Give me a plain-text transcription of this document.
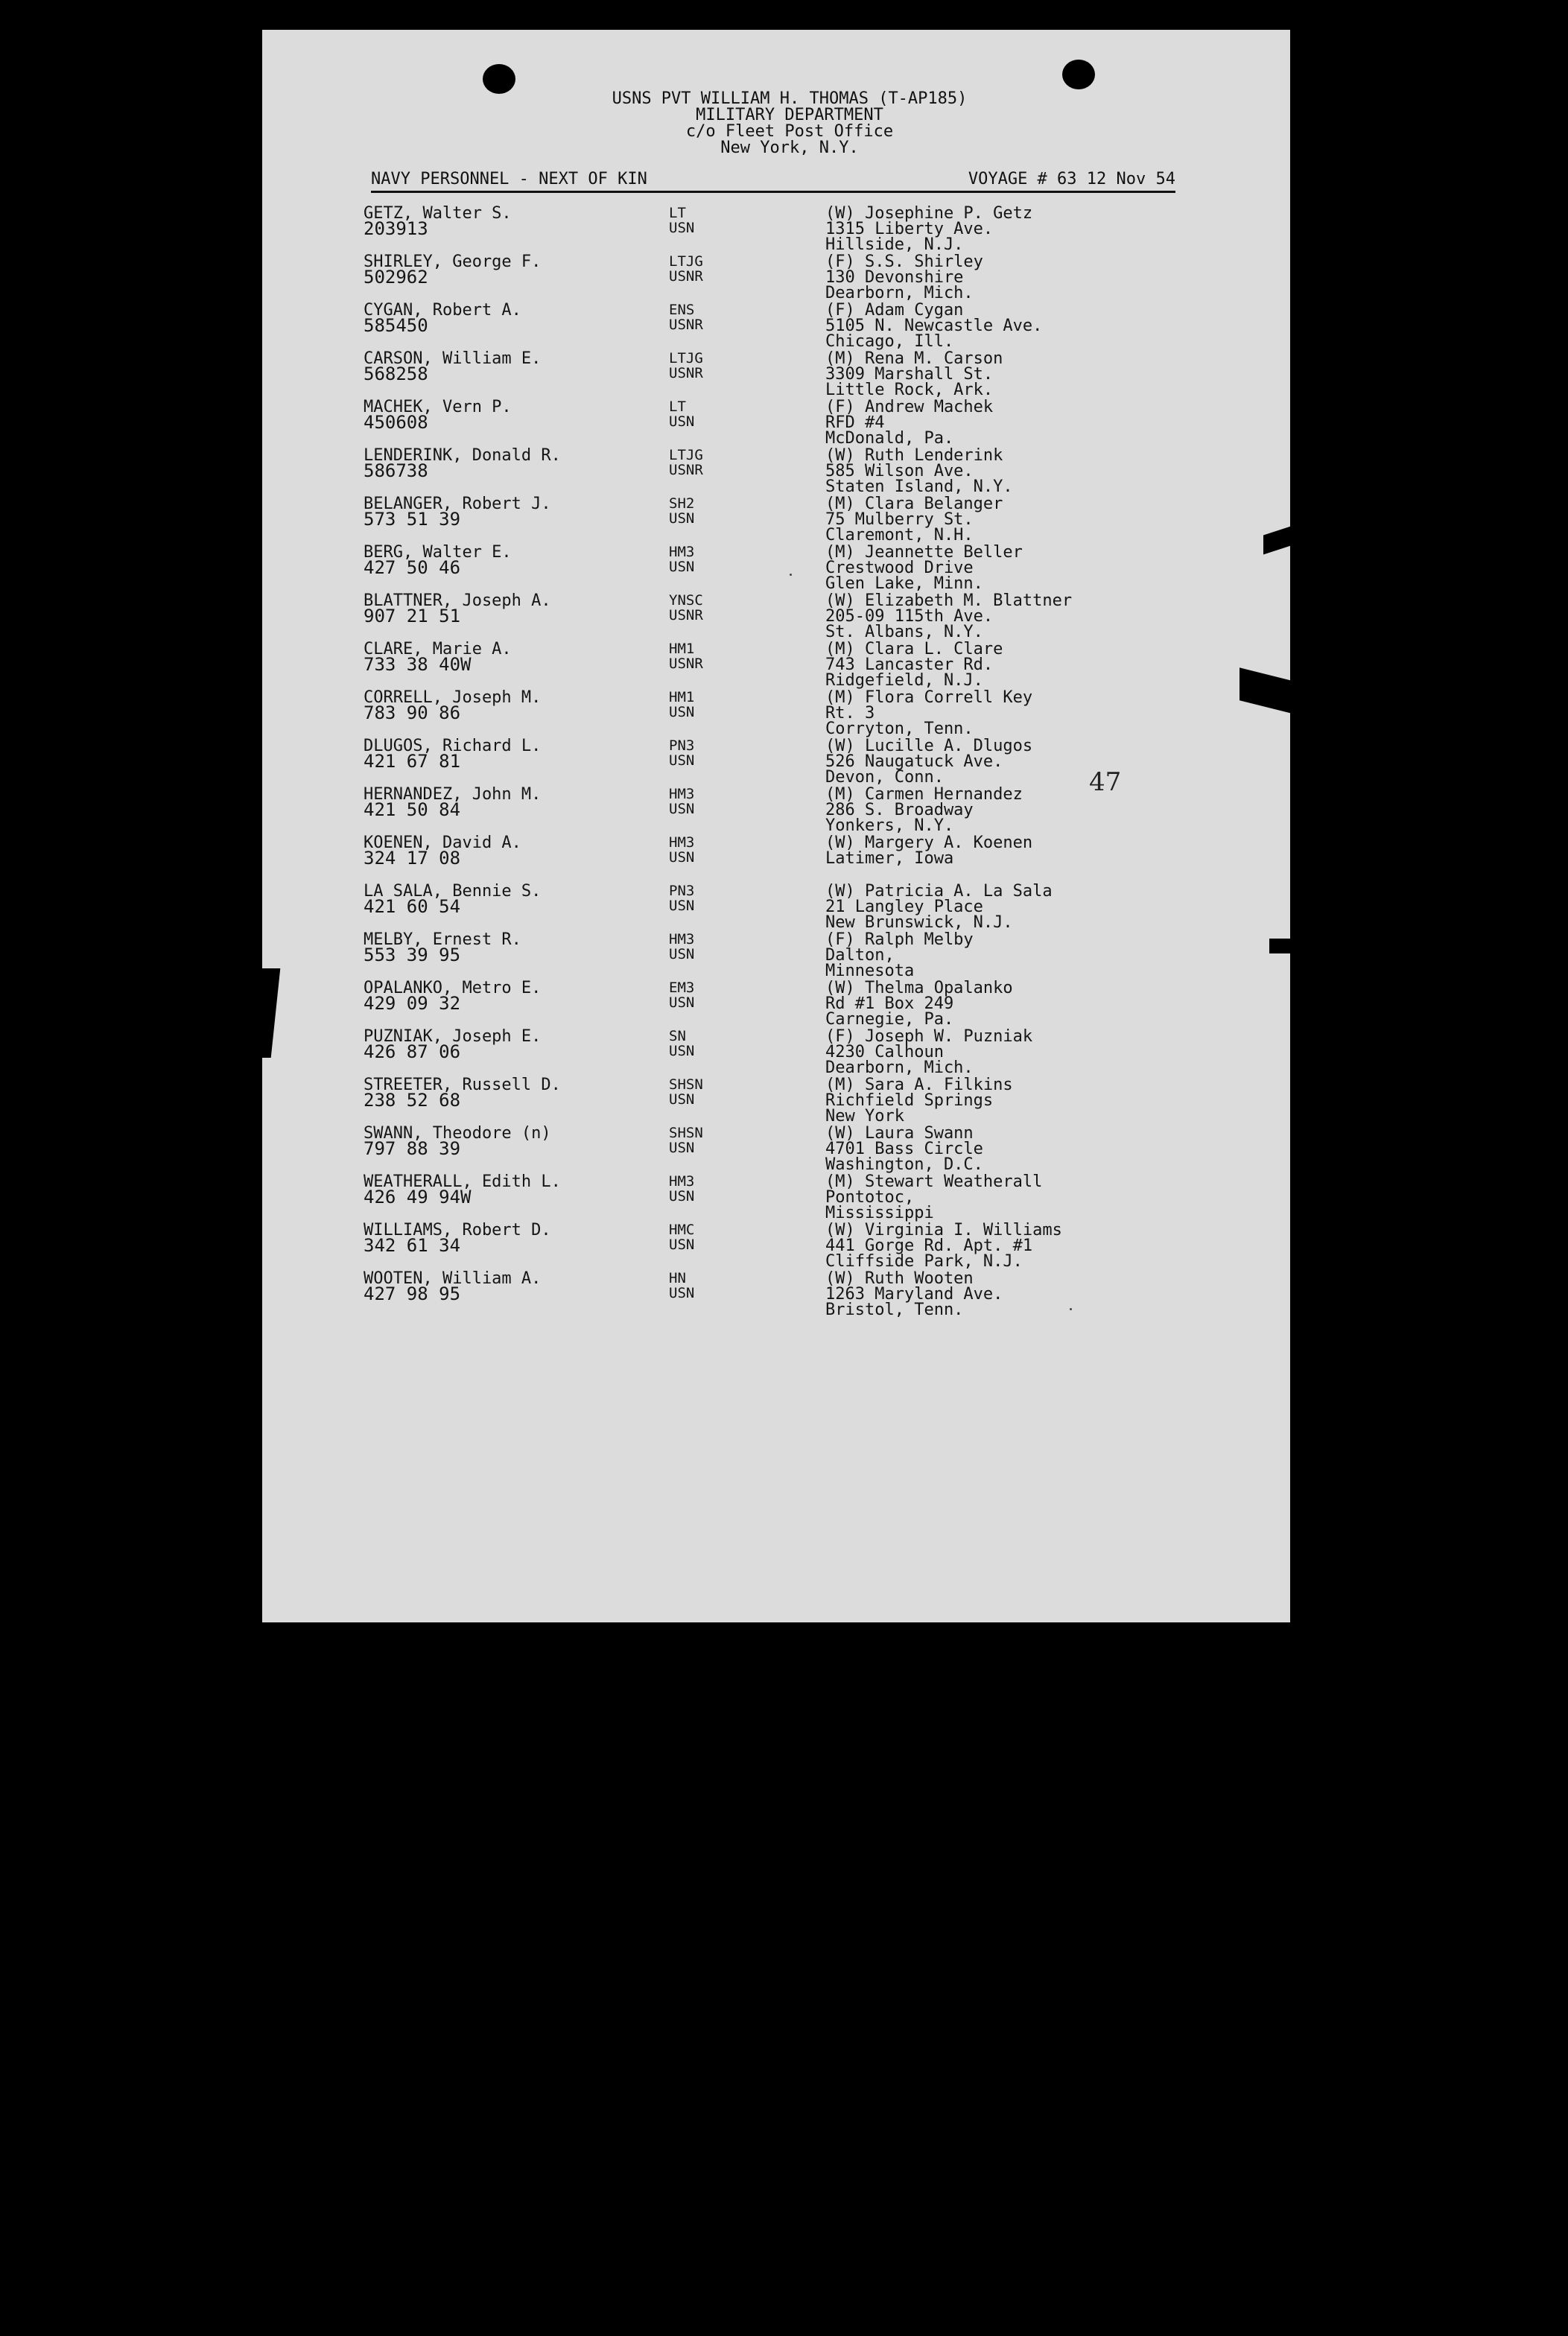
USNS PVT WILLIAM H. THOMAS (T-AP185)
MILITARY DEPARTMENT
c/o Fleet Post Office
New York, N.Y.
NAVY PERSONNEL - NEXT OF KIN	VOYAGE # 63 12 Nov 54
47
GETZ, Walter S.
203913
LT
USN
(W) Josephine P. Getz
1315 Liberty Ave.
Hillside, N.J.
SHIRLEY, George F.
502962
LTJG
USNR
(F) S.S. Shirley
130 Devonshire
Dearborn, Mich.
CYGAN, Robert A.
585450
ENS
USNR
(F) Adam Cygan
5105 N. Newcastle Ave.
Chicago, Ill.
CARSON, William E.
568258
LTJG
USNR
(M) Rena M. Carson
3309 Marshall St.
Little Rock, Ark.
MACHEK, Vern P.
450608
LT
USN
(F) Andrew Machek
RFD #4
McDonald, Pa.
LENDERINK, Donald R.
586738
LTJG
USNR
(W) Ruth Lenderink
585 Wilson Ave.
Staten Island, N.Y.
BELANGER, Robert J.
573 51 39
SH2
USN
(M) Clara Belanger
75 Mulberry St.
Claremont, N.H.
BERG, Walter E.
427 50 46
HM3
USN
(M) Jeannette Beller
Crestwood Drive
Glen Lake, Minn.
BLATTNER, Joseph A.
907 21 51
YNSC
USNR
(W) Elizabeth M. Blattner
205-09 115th Ave.
St. Albans, N.Y.
CLARE, Marie A.
733 38 40W
HM1
USNR
(M) Clara L. Clare
743 Lancaster Rd.
Ridgefield, N.J.
CORRELL, Joseph M.
783 90 86
HM1
USN
(M) Flora Correll Key
Rt. 3
Corryton, Tenn.
DLUGOS, Richard L.
421 67 81
PN3
USN
(W) Lucille A. Dlugos
526 Naugatuck Ave.
Devon, Conn.
HERNANDEZ, John M.
421 50 84
HM3
USN
(M) Carmen Hernandez
286 S. Broadway
Yonkers, N.Y.
KOENEN, David A.
324 17 08
HM3
USN
(W) Margery A. Koenen
Latimer, Iowa
LA SALA, Bennie S.
421 60 54
PN3
USN
(W) Patricia A. La Sala
21 Langley Place
New Brunswick, N.J.
MELBY, Ernest R.
553 39 95
HM3
USN
(F) Ralph Melby
Dalton,
Minnesota
OPALANKO, Metro E.
429 09 32
EM3
USN
(W) Thelma Opalanko
Rd #1 Box 249
Carnegie, Pa.
PUZNIAK, Joseph E.
426 87 06
SN
USN
(F) Joseph W. Puzniak
4230 Calhoun
Dearborn, Mich.
STREETER, Russell D.
238 52 68
SHSN
USN
(M) Sara A. Filkins
Richfield Springs
New York
SWANN, Theodore (n)
797 88 39
SHSN
USN
(W) Laura Swann
4701 Bass Circle
Washington, D.C.
WEATHERALL, Edith L.
426 49 94W
HM3
USN
(M) Stewart Weatherall
Pontotoc,
Mississippi
WILLIAMS, Robert D.
342 61 34
HMC
USN
(W) Virginia I. Williams
441 Gorge Rd. Apt. #1
Cliffside Park, N.J.
WOOTEN, William A.
427 98 95
HN
USN
(W) Ruth Wooten
1263 Maryland Ave.
Bristol, Tenn.
